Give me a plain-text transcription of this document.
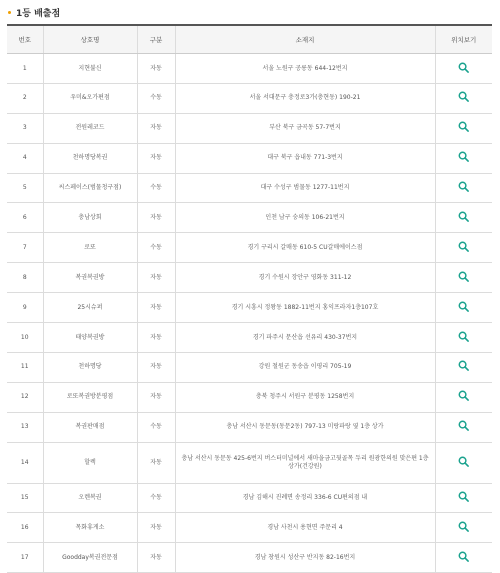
1등 배출점
번호	상호명	구분	소재지	위치보기
1	지현불신	자동	서울 노원구 공릉동 644-12번지	
2	우미&오가편점	수동	서울 서대문구 충정로3가(충현동) 190-21	
3	전원레코드	자동	부산 북구 금곡동 57-7번지	
4	천하명당복권	자동	대구 북구 읍내동 771-3번지	
5	씨스페이스(범물청구점)	수동	대구 수성구 범물동 1277-11번지	
6	충남상회	자동	인천 남구 숭의동 106-21번지	
7	로또	수동	경기 구리시 갈매동 610-5 CU갈매에이스점	
8	복권복권방	자동	경기 수원시 장안구 영화동 311-12	
9	25시슈퍼	자동	경기 시흥시 정왕동 1882-11번지 홍익프라자1층107호	
10	태양복권방	자동	경기 파주시 문산읍 선유리 430-37번지	
11	천하명당	자동	강원 철원군 동송읍 이평리 705-19	
12	로또복권방분평점	자동	충북 청주시 서원구 분평동 1258번지	
13	복권판매점	수동	충남 서산시 동문동(동문2동) 797-13 미랑파랑 옆 1층 상가	
14	할렉	자동	충남 서산시 동문동 425-6번지 버스터미널에서 새마을금고뒷골목 두리 원광한의원 맞은편 1층상가(건강원)	
15	오렌복권	수동	경남 김해시 진례면 송정리 336-6 CU편의점 내	
16	목화휴게소	자동	경남 사천시 용현면 주문리 4	
17	Goodday복권전문점	자동	경남 창원시 성산구 반지동 82-16번지	
